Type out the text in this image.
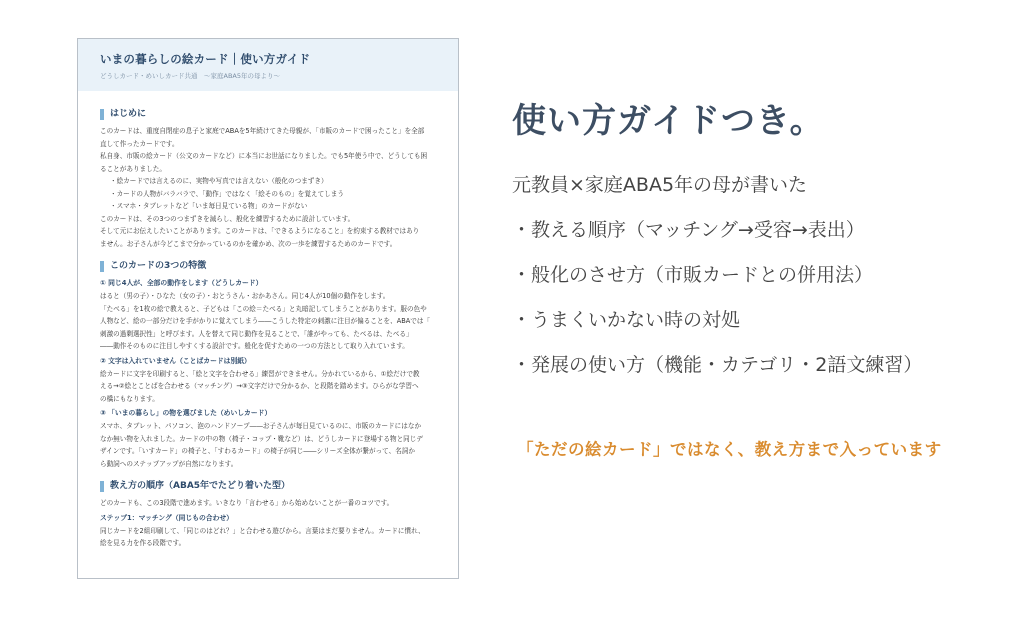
いまの暮らしの絵カード｜使い方ガイド
どうしカード・めいしカード共通　〜家庭ABA5年の母より〜
はじめに
このカードは、重度自閉症の息子と家庭でABAを5年続けてきた母親が、「市販のカードで困ったこと」を全部
直して作ったカードです。
私自身、市販の絵カード（公文のカードなど）に本当にお世話になりました。でも5年使う中で、どうしても困
ることがありました。
・絵カードでは言えるのに、実物や写真では言えない（般化のつまずき）
・カードの人物がバラバラで、「動作」ではなく「絵そのもの」を覚えてしまう
・スマホ・タブレットなど「いま毎日見ている物」のカードがない
このカードは、その3つのつまずきを減らし、般化を練習するために設計しています。
そして元にお伝えしたいことがあります。このカードは、「できるようになること」を約束する教材ではあり
ません。お子さんが今どこまで分かっているのかを確かめ、次の一歩を練習するためのカードです。
このカードの3つの特徴
① 同じ4人が、全部の動作をします（どうしカード）
はると（男の子）・ひなた（女の子）・おとうさん・おかあさん。同じ4人が10個の動作をします。
「たべる」を1枚の絵で教えると、子どもは「この絵＝たべる」と丸暗記してしまうことがあります。服の色や
人物など、絵の一部分だけを手がかりに覚えてしまう――こうした特定の刺激に注目が偏ることを、ABAでは「
刺激の過剰選択性」と呼びます。人を替えて同じ動作を見ることで、「誰がやっても、たべるは、たべる」
――動作そのものに注目しやすくする設計です。般化を促すための一つの方法として取り入れています。
② 文字は入れていません（ことばカードは別紙）
絵カードに文字を印刷すると、「絵と文字を合わせる」練習ができません。分かれているから、①絵だけで教
える→②絵とことばを合わせる（マッチング）→③文字だけで分かるか、と段階を踏めます。ひらがな学習へ
の橋にもなります。
③ 「いまの暮らし」の物を選びました（めいしカード）
スマホ、タブレット、パソコン、泡のハンドソープ――お子さんが毎日見ているのに、市販のカードにはなか
なか無い物を入れました。カードの中の物（椅子・コップ・靴など）は、どうしカードに登場する物と同じデ
ザインです。「いすカード」の椅子と、「すわるカード」の椅子が同じ――シリーズ全体が繋がって、名詞か
ら動詞へのステップアップが自然になります。
教え方の順序（ABA5年でたどり着いた型）
どのカードも、この3段階で進めます。いきなり「言わせる」から始めないことが一番のコツです。
ステップ1：マッチング（同じもの合わせ）
同じカードを2組印刷して、「同じのはどれ？」と合わせる遊びから。言葉はまだ要りません。カードに慣れ、
絵を見る力を作る段階です。
使い方ガイドつき。
元教員×家庭ABA5年の母が書いた
・教える順序（マッチング→受容→表出）
・般化のさせ方（市販カードとの併用法）
・うまくいかない時の対処
・発展の使い方（機能・カテゴリ・2語文練習）
「ただの絵カード」ではなく、教え方まで入っています
